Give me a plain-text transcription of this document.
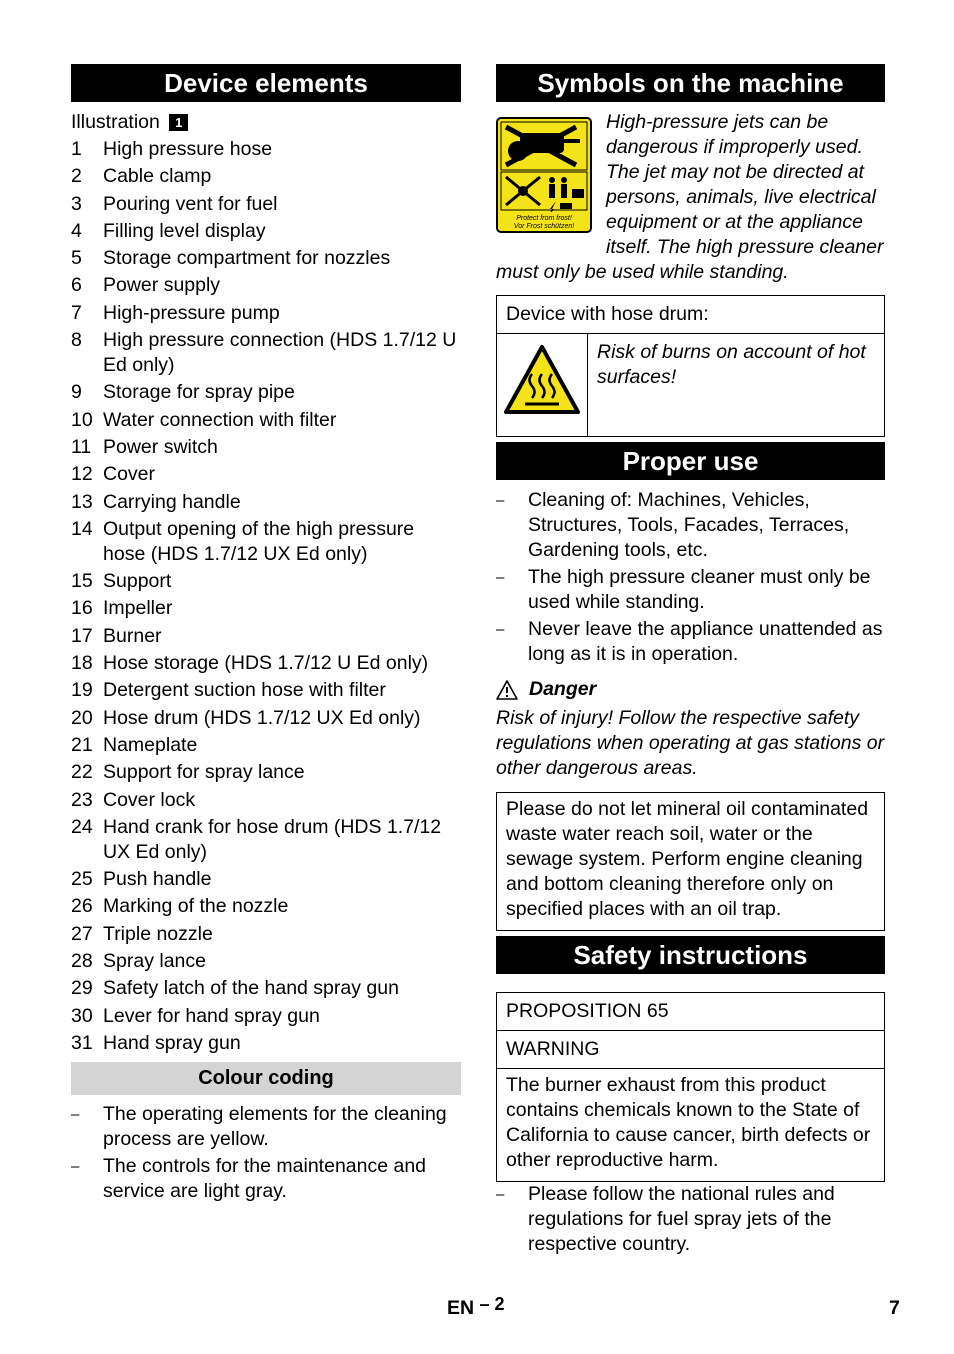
Device elements
Illustration 1
1	High pressure hose
2	Cable clamp
3	Pouring vent for fuel
4	Filling level display
5	Storage compartment for nozzles
6	Power supply
7	High-pressure pump
8	High pressure connection (HDS 1.7/12 U Ed only)
9	Storage for spray pipe
10 Water connection with filter
11 Power switch
12 Cover
13 Carrying handle
14 Output opening of the high pressure hose (HDS 1.7/12 UX Ed only)
15 Support
16 Impeller
17 Burner
18 Hose storage (HDS 1.7/12 U Ed only)
19 Detergent suction hose with filter
20 Hose drum (HDS 1.7/12 UX Ed only)
21 Nameplate
22 Support for spray lance
23 Cover lock
24 Hand crank for hose drum (HDS 1.7/12 UX Ed only)
25 Push handle
26 Marking of the nozzle
27 Triple nozzle
28 Spray lance
29 Safety latch of the hand spray gun
30 Lever for hand spray gun
31 Hand spray gun
Colour coding
–	The operating elements for the cleaning process are yellow.
–	The controls for the maintenance and service are light gray.
Symbols on the machine
Protect from frost!
Vor Frost schützen!
High-pressure jets can be dangerous if improperly used. The jet may not be directed at persons, animals, live electrical equipment or at the appliance itself. The high pressure cleaner must only be used while standing.
Device with hose drum:
	Risk of burns on account of hot surfaces!
Proper use
–	Cleaning of: Machines, Vehicles, Structures, Tools, Facades, Terraces, Gardening tools, etc.
–	The high pressure cleaner must only be used while standing.
–	Never leave the appliance unattended as long as it is in operation.
Danger
Risk of injury! Follow the respective safety regulations when operating at gas stations or other dangerous areas.
Please do not let mineral oil contaminated waste water reach soil, water or the sewage system. Perform engine cleaning and bottom cleaning therefore only on specified places with an oil trap.
Safety instructions
PROPOSITION 65
WARNING
The burner exhaust from this product contains chemicals known to the State of California to cause cancer, birth defects or other reproductive harm.
–	Please follow the national rules and regulations for fuel spray jets of the respective country.
EN – 2	7
